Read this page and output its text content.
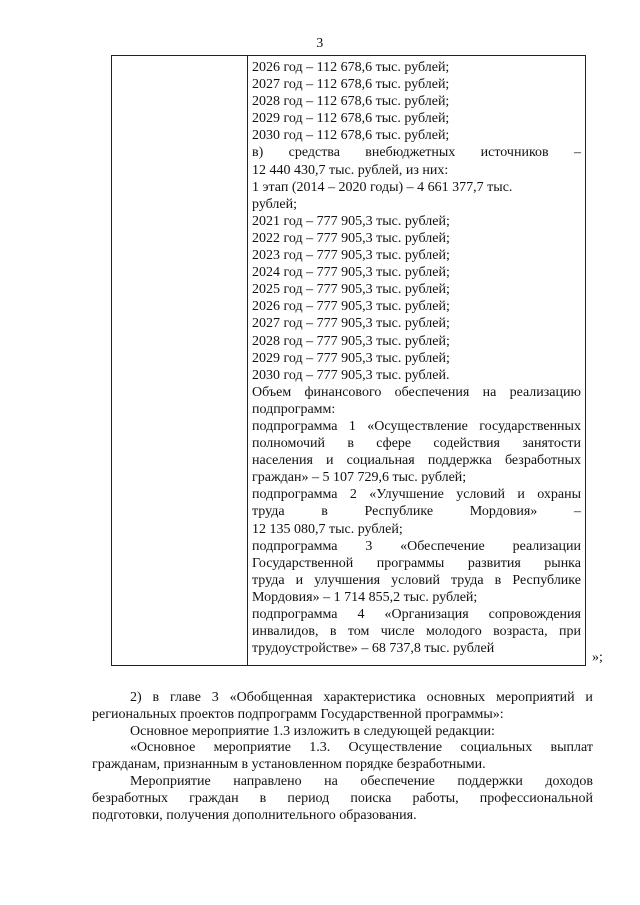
3
2026 год – 112 678,6 тыс. рублей;
2027 год – 112 678,6 тыс. рублей;
2028 год – 112 678,6 тыс. рублей;
2029 год – 112 678,6 тыс. рублей;
2030 год – 112 678,6 тыс. рублей;
в) средства внебюджетных источников –
12 440 430,7 тыс. рублей, из них:
1 этап (2014 – 2020 годы) – 4 661 377,7 тыс.
рублей;
2021 год – 777 905,3 тыс. рублей;
2022 год – 777 905,3 тыс. рублей;
2023 год – 777 905,3 тыс. рублей;
2024 год – 777 905,3 тыс. рублей;
2025 год – 777 905,3 тыс. рублей;
2026 год – 777 905,3 тыс. рублей;
2027 год – 777 905,3 тыс. рублей;
2028 год – 777 905,3 тыс. рублей;
2029 год – 777 905,3 тыс. рублей;
2030 год – 777 905,3 тыс. рублей.
Объем финансового обеспечения на реализацию
подпрограмм:
подпрограмма 1 «Осуществление государственных
полномочий в сфере содействия занятости
населения и социальная поддержка безработных
граждан» – 5 107 729,6 тыс. рублей;
подпрограмма 2 «Улучшение условий и охраны
труда	в	Республике	Мордовия»	–
12 135 080,7 тыс. рублей;
подпрограмма 3 «Обеспечение реализации
Государственной программы развития рынка
труда и улучшения условий труда в Республике
Мордовия» – 1 714 855,2 тыс. рублей;
подпрограмма 4 «Организация сопровождения
инвалидов, в том числе молодого возраста, при
трудоустройстве» – 68 737,8 тыс. рублей
»;

2) в главе 3 «Обобщенная характеристика основных мероприятий и
региональных проектов подпрограмм Государственной программы»:

Основное мероприятие 1.3 изложить в следующей редакции:

«Основное мероприятие 1.3. Осуществление социальных выплат
гражданам, признанным в установленном порядке безработными.

Мероприятие направлено на обеспечение поддержки доходов
безработных граждан в период поиска работы, профессиональной
подготовки, получения дополнительного образования.
